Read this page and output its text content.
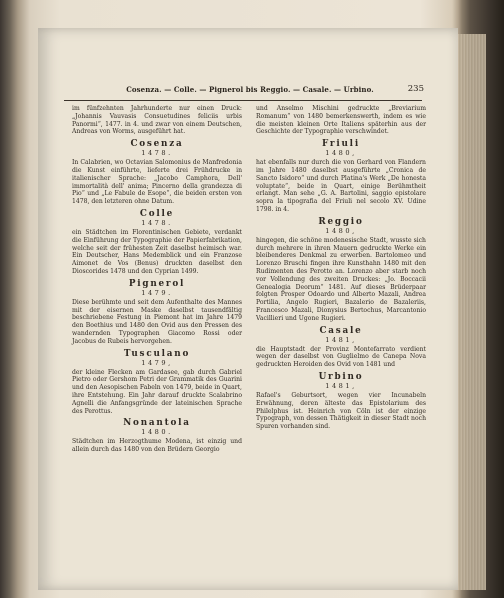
Cosenza. — Colle. — Pignerol bis Reggio. — Casale. — Urbino.	235

im fünfzehnten Jahrhunderte nur einen Druck: „Johannis Vauvasis Consuetudines feliciis urbis Panormi“, 1477. in 4. und zwar von einem Deutschen, Andreas von Worms, ausgeführt hat.

Cosenza
1478.

In Calabrien, wo Octavian Salomonius de Manfredonia die Kunst einführte, lieferte drei Frühdrucke in italienischer Sprache: „Jacobo Camphora, Dell' immortalità dell' anima; Pincerno della grandezza di Pio“ und „Le Fabule de Esope“, die beiden ersten von 1478, den letzteren ohne Datum.

Colle
1478.

ein Städtchen im Florentinischen Gebiete, verdankt die Einführung der Typographie der Papierfabrikation, welche seit der frühesten Zeit daselbst heimisch war. Ein Deutscher, Hans Medemblick und ein Franzose Aimonet de Vos (Benus) druckten daselbst den Dioscorides 1478 und den Cyprian 1499.

Pignerol
1479.

Diese berühmte und seit dem Aufenthalte des Mannes mit der eisernen Maske daselbst tausendfältig beschriebene Festung in Piemont hat im Jahre 1479 den Boethius und 1480 den Ovid aus den Pressen des wandernden Typographen Giacomo Rossi oder Jacobus de Rubeis hervorgehen.

Tusculano
1479,

der kleine Flecken am Gardasee, gab durch Gabriel Pietro oder Gershom Petri der Grammatik des Guarini und den Aesopischen Fabeln von 1479, beide in Quart, ihre Entstehung. Ein Jahr darauf druckte Scalabrino Agnelli die Anfangsgründe der lateinischen Sprache des Perottus.

Nonantola
1480.

Städtchen im Herzogthume Modena, ist einzig und allein durch das 1480 von den Brüdern Georgio

und Anselmo Mischini gedruckte „Breviarium Romanum“ von 1480 bemerkenswerth, indem es wie die meisten kleinen Orte Italiens späterhin aus der Geschichte der Typographie verschwindet.

Friuli
1480,

hat ebenfalls nur durch die von Gerhard von Flandern im Jahre 1480 daselbst ausgeführte „Cronica de Sancto Isidoro“ und durch Platina's Werk „De honesta voluptate“, beide in Quart, einige Berühmtheit erlangt. Man sehe „G. A. Bartolini, saggio epistolare sopra la tipografia del Friuli nel secolo XV. Udine 1798. in 4.

Reggio
1480,

hingegen, die schöne modenesische Stadt, wusste sich durch mehrere in ihren Mauern gedruckte Werke ein bleibenderes Denkmal zu erwerben. Bartolomeo und Lorenzo Bruschi fingen ihre Kunsthahn 1480 mit den Rudimenten des Perotto an. Lorenzo aber starb noch vor Vollendung des zweiten Druckes: „Jo. Boccacii Genealogia Deorum“ 1481. Auf dieses Brüderpaar folgten Prosper Odoardo und Alberto Mazali, Andrea Portilia, Angelo Rugieri, Bazalerio de Bazaleriis, Francesco Mazali, Dionysius Bertochus, Marcantonio Vacillieri und Ugone Rugieri.

Casale
1481,

die Hauptstadt der Provinz Montefarrato verdient wegen der daselbst von Guglielmo de Canepa Nova gedruckten Heroiden des Ovid von 1481 und

Urbino
1481,

Rafael's Geburtsort, wegen vier Incunabeln Erwähnung, deren älteste das Epistolarium des Philelphus ist. Heinrich von Cöln ist der einzige Typograph, von dessen Thätigkeit in dieser Stadt noch Spuren vorhanden sind.
